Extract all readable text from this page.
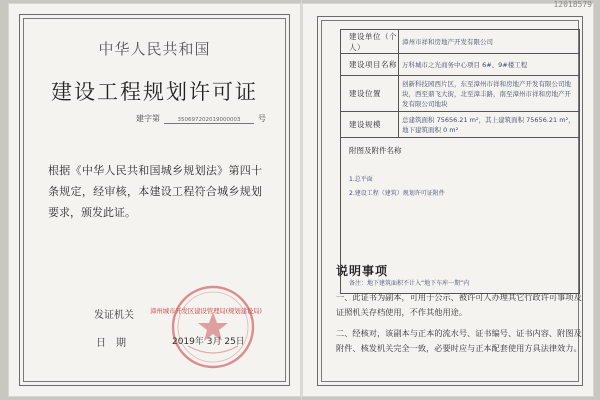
中华人民共和国
建设工程规划许可证
建字第	350697202019000003 号
根据《中华人民共和国城乡规划法》第四十条规定，经审核，本建设工程符合城乡规划要求，颁发此证。
发证机关 漳州城市开发区建设管理局(规划建设局)
日　期	2019年 3月 25日
12018579
建设单位（个人）	漳州市祥和房地产开发有限公司
建设项目名称	万科城市之光商务中心项目 6#、9#楼工程
建设位置	创新科技园西片区，东至漳州市祥和房地产开发有限公司地块，西至鼎飞大街，北至漳丰路，南至漳州市祥和房地产开发有限公司地块
建设规模	总建筑面积 75656.21 m²，其上建筑面积 75656.21 m²，地下建筑面积 0 m²

附图及附件名称
1.总平面
2.建设工程（建筑）规划许可证附件
备注：地下建筑面积不计入“地下车库一期”内	
说明事项
一、此证书为副本，可用于公示、被许可人办理其它行政许可事项及证照机关存档使用，不作其他用途。
二、经核对，该副本与正本的流水号、证书编号、证书内容、附图及附件、核发机关完全一致，必要时应与正本配套使用方具法律效力。
